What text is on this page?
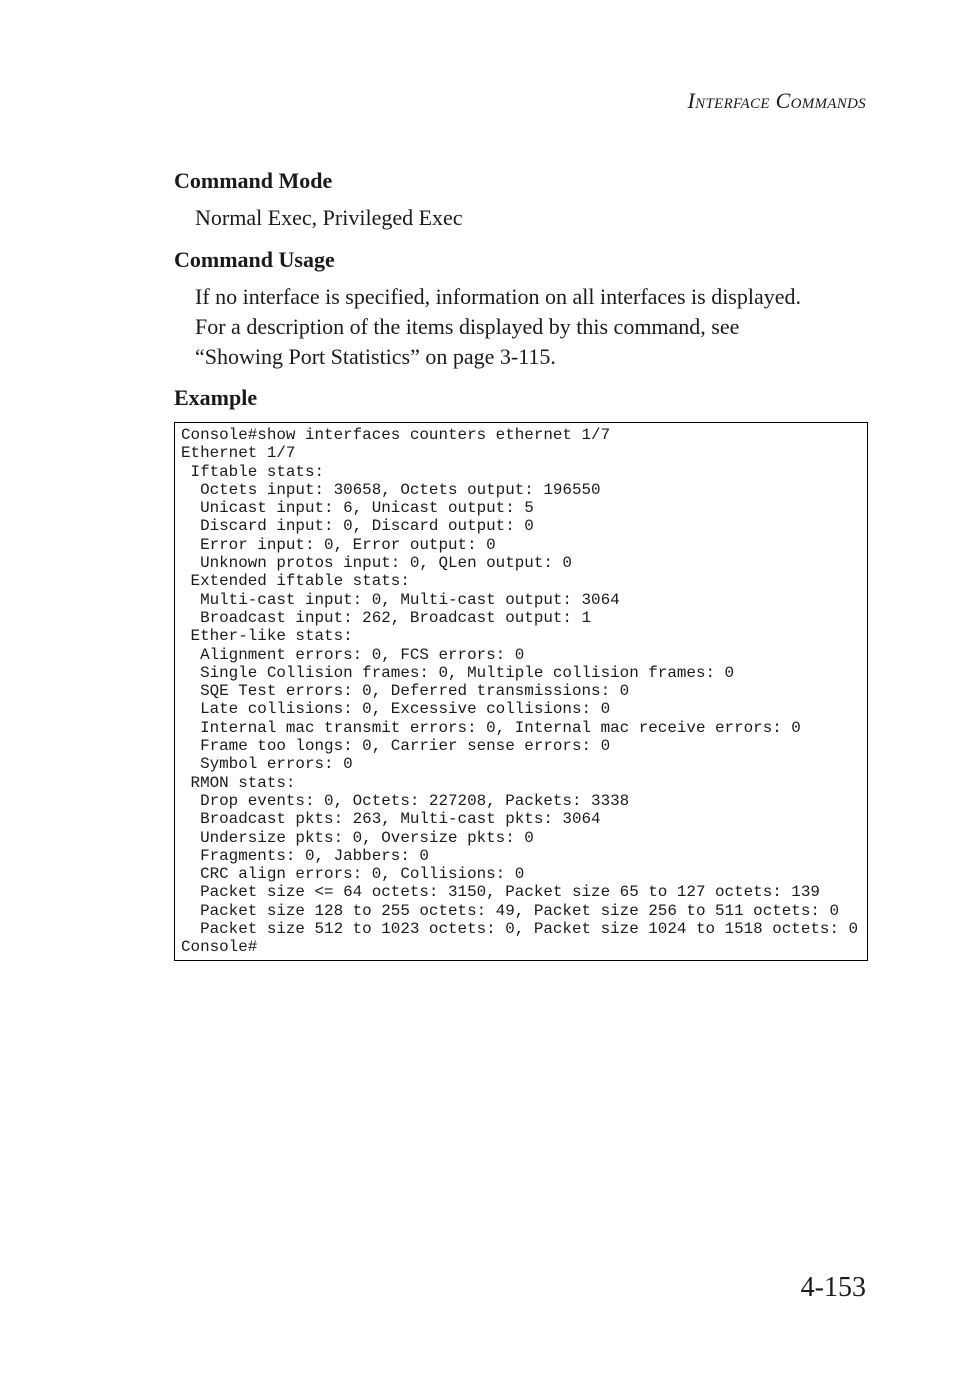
Interface Commands
Command Mode
Normal Exec, Privileged Exec
Command Usage
If no interface is specified, information on all interfaces is displayed.
For a description of the items displayed by this command, see
“Showing Port Statistics” on page 3-115.
Example
Console#show interfaces counters ethernet 1/7
Ethernet 1/7
Iftable stats:
Octets input: 30658, Octets output: 196550
Unicast input: 6, Unicast output: 5
Discard input: 0, Discard output: 0
Error input: 0, Error output: 0
Unknown protos input: 0, QLen output: 0
Extended iftable stats:
Multi-cast input: 0, Multi-cast output: 3064
Broadcast input: 262, Broadcast output: 1
Ether-like stats:
Alignment errors: 0, FCS errors: 0
Single Collision frames: 0, Multiple collision frames: 0
SQE Test errors: 0, Deferred transmissions: 0
Late collisions: 0, Excessive collisions: 0
Internal mac transmit errors: 0, Internal mac receive errors: 0
Frame too longs: 0, Carrier sense errors: 0
Symbol errors: 0
RMON stats:
Drop events: 0, Octets: 227208, Packets: 3338
Broadcast pkts: 263, Multi-cast pkts: 3064
Undersize pkts: 0, Oversize pkts: 0
Fragments: 0, Jabbers: 0
CRC align errors: 0, Collisions: 0
Packet size <= 64 octets: 3150, Packet size 65 to 127 octets: 139
Packet size 128 to 255 octets: 49, Packet size 256 to 511 octets: 0
Packet size 512 to 1023 octets: 0, Packet size 1024 to 1518 octets: 0
Console#
4-153
